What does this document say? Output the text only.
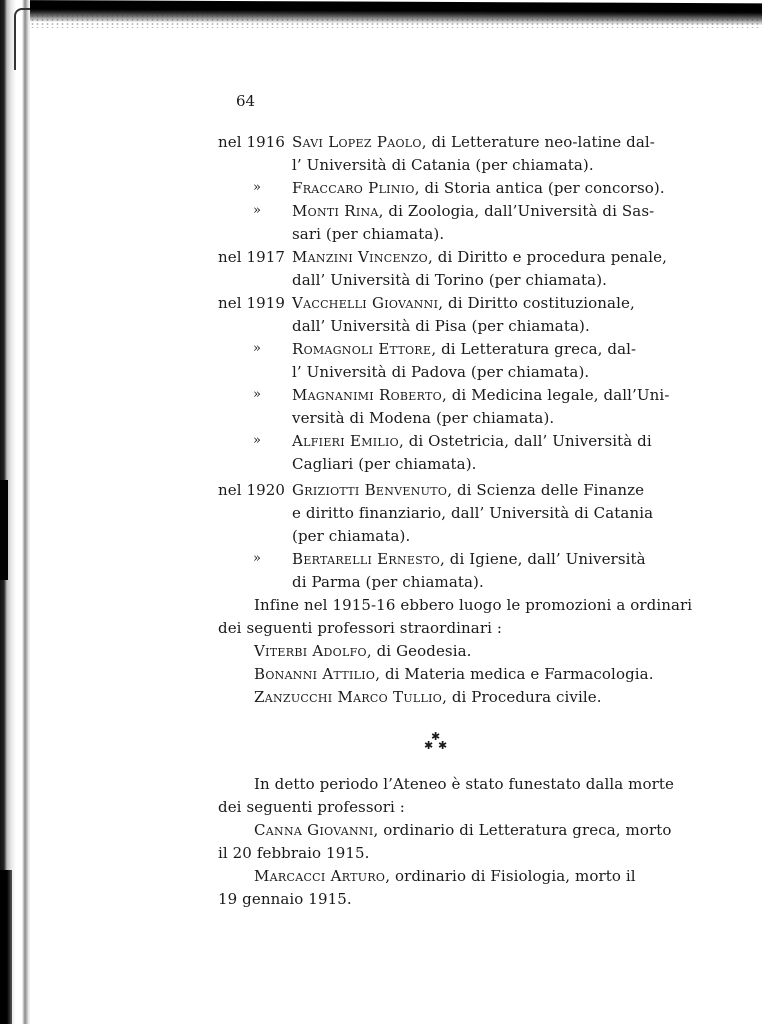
64
nel 1916 Savi Lopez Paolo, di Letterature neo-latine dal-
l’ Università di Catania (per chiamata).
» Fraccaro Plinio, di Storia antica (per concorso).
» Monti Rina, di Zoologia, dall’Università di Sas-
sari (per chiamata).
nel 1917 Manzini Vincenzo, di Diritto e procedura penale,
dall’ Università di Torino (per chiamata).
nel 1919 Vacchelli Giovanni, di Diritto costituzionale,
dall’ Università di Pisa (per chiamata).
» Romagnoli Ettore, di Letteratura greca, dal-
l’ Università di Padova (per chiamata).
» Magnanimi Roberto, di Medicina legale, dall’Uni-
versità di Modena (per chiamata).
» Alfieri Emilio, di Ostetricia, dall’ Università di
Cagliari (per chiamata).
nel 1920 Griziotti Benvenuto, di Scienza delle Finanze
e diritto finanziario, dall’ Università di Catania
(per chiamata).
» Bertarelli Ernesto, di Igiene, dall’ Università
di Parma (per chiamata).
Infine nel 1915-16 ebbero luogo le promozioni a ordinari
dei seguenti professori straordinari :
Viterbi Adolfo, di Geodesia.
Bonanni Attilio, di Materia medica e Farmacologia.
Zanzucchi Marco Tullio, di Procedura civile.
✱
✱ ✱
In detto periodo l’Ateneo è stato funestato dalla morte
dei seguenti professori :
Canna Giovanni, ordinario di Letteratura greca, morto
il 20 febbraio 1915.
Marcacci Arturo, ordinario di Fisiologia, morto il
19 gennaio 1915.
